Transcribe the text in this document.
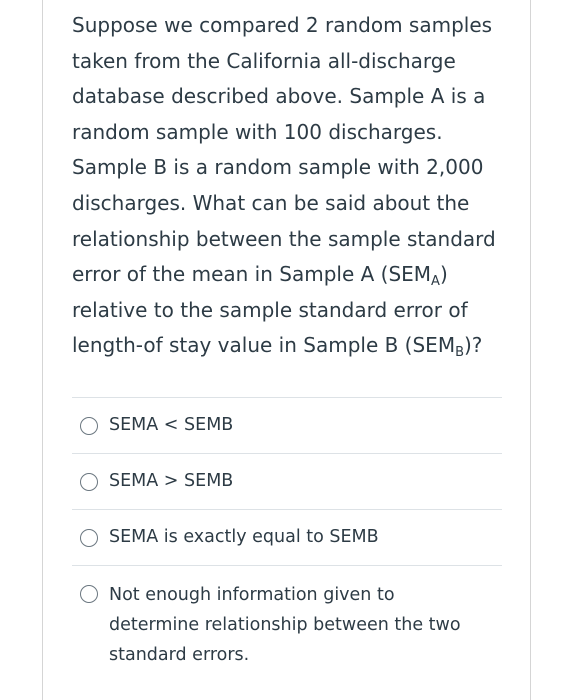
Suppose we compared 2 random samples taken from the California all-discharge database described above. Sample A is a random sample with 100 discharges. Sample B is a random sample with 2,000 discharges. What can be said about the relationship between the sample standard error of the mean in Sample A $(SEM_A)$ relative to the sample standard error of length-of stay value in Sample B $(SEM_B)$?
SEMA < SEMB
SEMA > SEMB
SEMA is exactly equal to SEMB
Not enough information given to determine relationship between the two standard errors.
